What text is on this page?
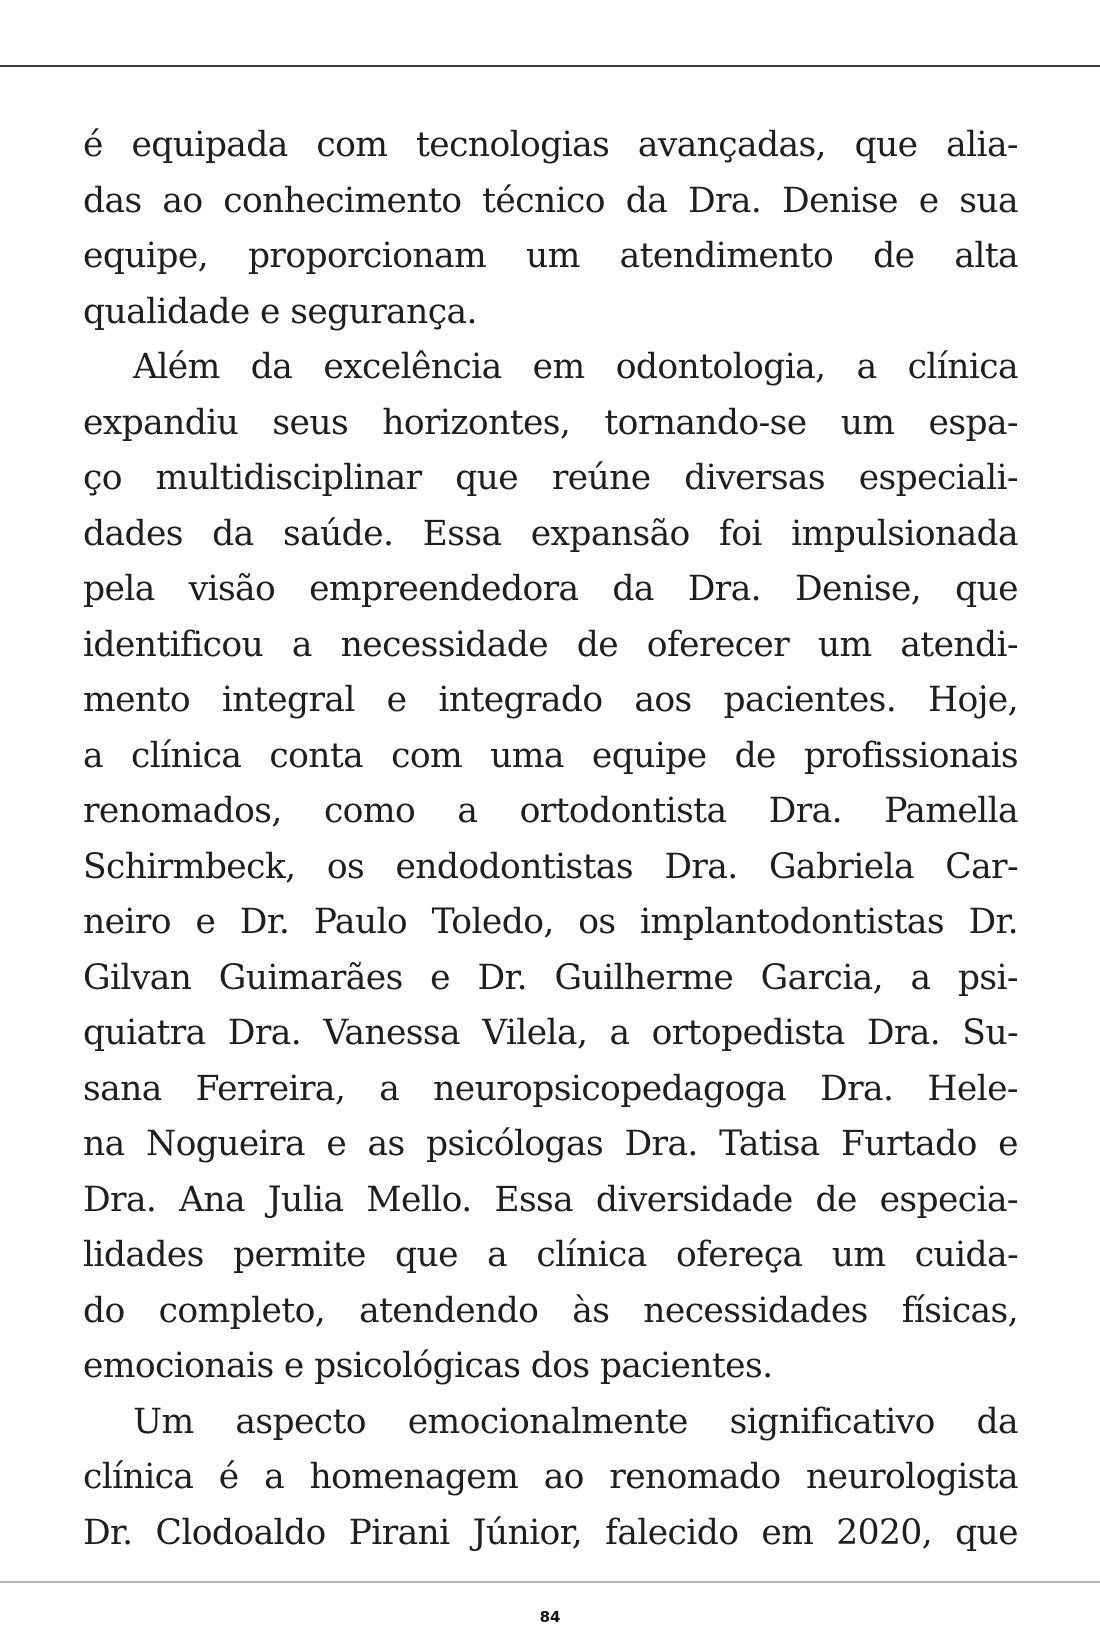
é equipada com tecnologias avançadas, que alia-
das ao conhecimento técnico da Dra. Denise e sua
equipe, proporcionam um atendimento de alta
qualidade e segurança.

Além da excelência em odontologia, a clínica
expandiu seus horizontes, tornando-se um espa-
ço multidisciplinar que reúne diversas especiali-
dades da saúde. Essa expansão foi impulsionada
pela visão empreendedora da Dra. Denise, que
identificou a necessidade de oferecer um atendi-
mento integral e integrado aos pacientes. Hoje,
a clínica conta com uma equipe de profissionais
renomados, como a ortodontista Dra. Pamella
Schirmbeck, os endodontistas Dra. Gabriela Car-
neiro e Dr. Paulo Toledo, os implantodontistas Dr.
Gilvan Guimarães e Dr. Guilherme Garcia, a psi-
quiatra Dra. Vanessa Vilela, a ortopedista Dra. Su-
sana Ferreira, a neuropsicopedagoga Dra. Hele-
na Nogueira e as psicólogas Dra. Tatisa Furtado e
Dra. Ana Julia Mello. Essa diversidade de especia-
lidades permite que a clínica ofereça um cuida-
do completo, atendendo às necessidades físicas,
emocionais e psicológicas dos pacientes.

Um aspecto emocionalmente significativo da
clínica é a homenagem ao renomado neurologista
Dr. Clodoaldo Pirani Júnior, falecido em 2020, que

84
